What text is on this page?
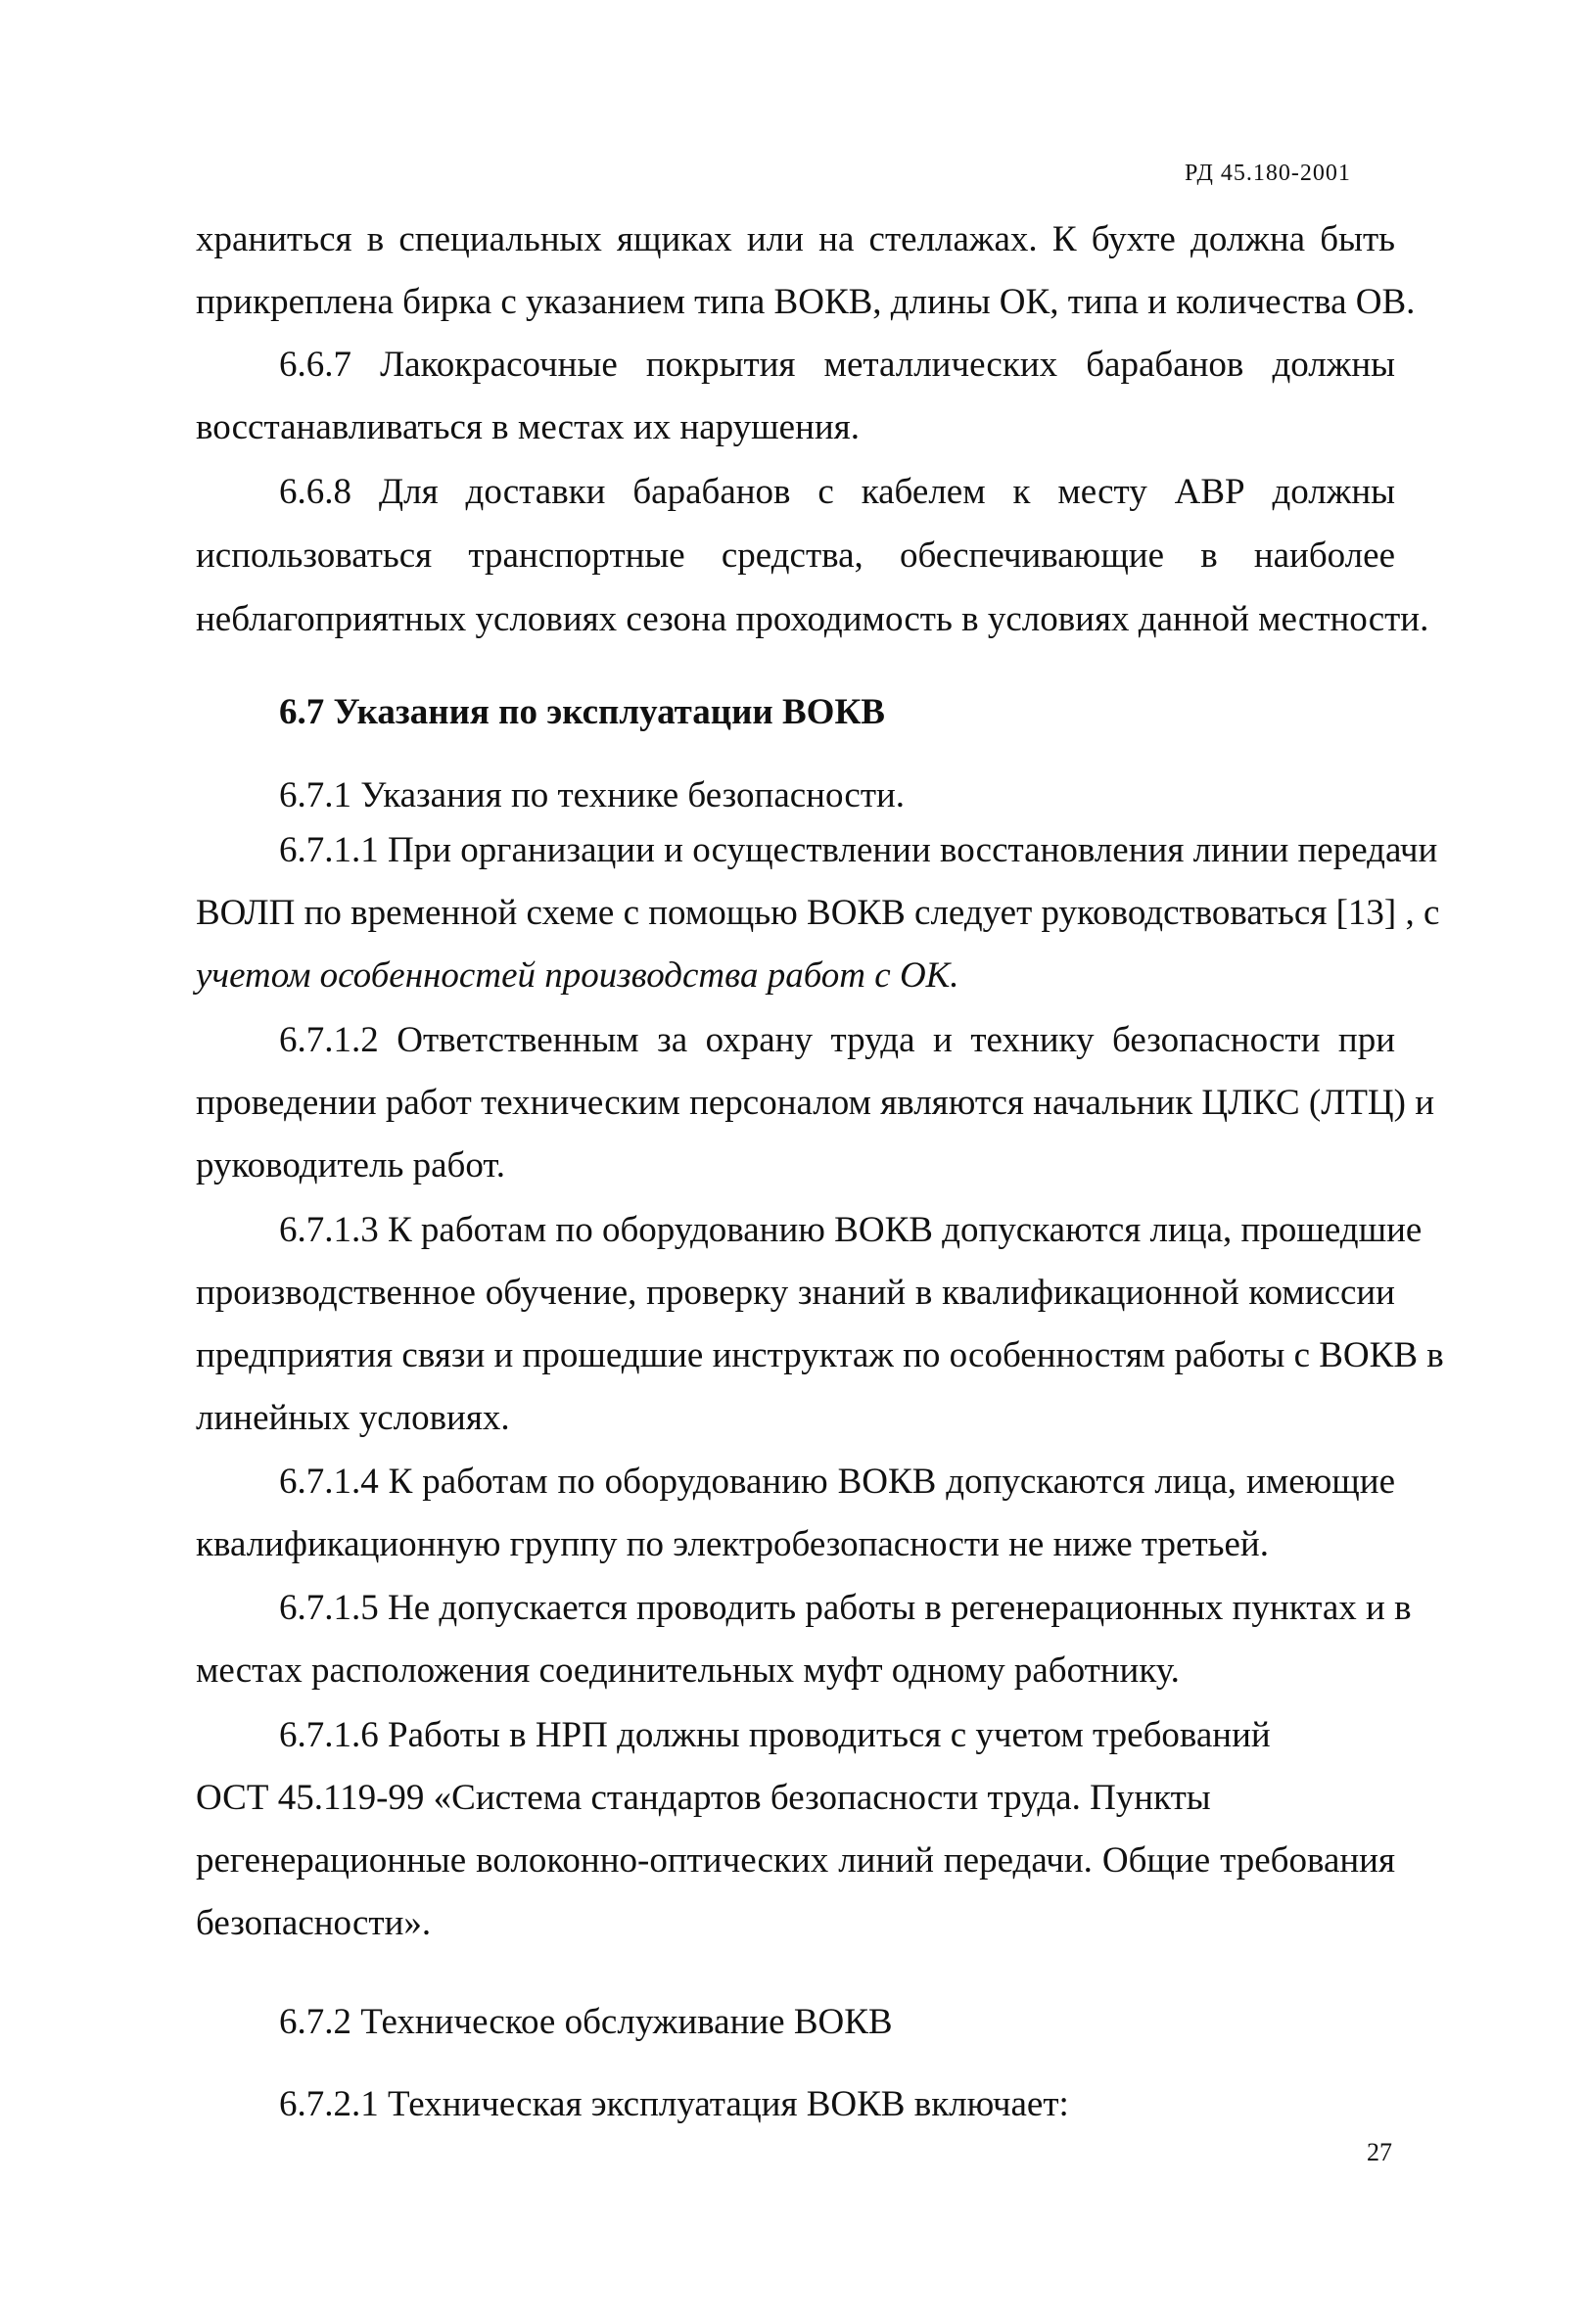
РД 45.180-2001
храниться в специальных ящиках или на стеллажах. К бухте должна быть
прикреплена бирка с указанием типа ВОКВ, длины ОК, типа и количества ОВ.
6.6.7 Лакокрасочные покрытия металлических барабанов должны
восстанавливаться в местах их нарушения.
6.6.8 Для доставки барабанов с кабелем к месту АВР должны
использоваться транспортные средства, обеспечивающие в наиболее
неблагоприятных условиях сезона проходимость в условиях данной местности.
6.7 Указания по эксплуатации ВОКВ
6.7.1 Указания по технике безопасности.
6.7.1.1 При организации и осуществлении восстановления линии передачи
ВОЛП по временной схеме с помощью ВОКВ следует руководствоваться [13] , с
учетом особенностей производства работ с ОК.
6.7.1.2 Ответственным за охрану труда и технику безопасности при
проведении работ техническим персоналом являются начальник ЦЛКС (ЛТЦ) и
руководитель работ.
6.7.1.3 К работам по оборудованию ВОКВ допускаются лица, прошедшие
производственное обучение, проверку знаний в квалификационной комиссии
предприятия связи и прошедшие инструктаж по особенностям работы с ВОКВ в
линейных условиях.
6.7.1.4 К работам по оборудованию ВОКВ допускаются лица, имеющие
квалификационную группу по электробезопасности не ниже третьей.
6.7.1.5 Не допускается проводить работы в регенерационных пунктах и в
местах расположения соединительных муфт одному работнику.
6.7.1.6 Работы в НРП должны проводиться с учетом требований
ОСТ 45.119-99 «Система стандартов безопасности труда. Пункты
регенерационные волоконно-оптических линий передачи. Общие требования
безопасности».
6.7.2 Техническое обслуживание ВОКВ
6.7.2.1 Техническая эксплуатация ВОКВ включает:
27
